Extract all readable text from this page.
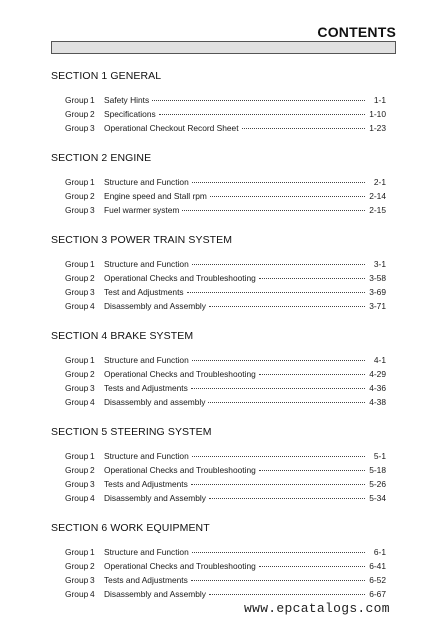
CONTENTS
SECTION 1 GENERAL
Group 1	Safety Hints	1-1
Group 2	Specifications	1-10
Group 3	Operational Checkout Record Sheet	1-23
SECTION 2 ENGINE
Group 1	Structure and Function	2-1
Group 2	Engine speed and Stall rpm	2-14
Group 3	Fuel warmer system	2-15
SECTION 3 POWER TRAIN SYSTEM
Group 1	Structure and Function	3-1
Group 2	Operational Checks and Troubleshooting	3-58
Group 3	Test and Adjustments	3-69
Group 4	Disassembly and Assembly	3-71
SECTION 4 BRAKE SYSTEM
Group 1	Structure and Function	4-1
Group 2	Operational Checks and Troubleshooting	4-29
Group 3	Tests and Adjustments	4-36
Group 4	Disassembly and assembly	4-38
SECTION 5 STEERING SYSTEM
Group 1	Structure and Function	5-1
Group 2	Operational Checks and Troubleshooting	5-18
Group 3	Tests and Adjustments	5-26
Group 4	Disassembly and Assembly	5-34
SECTION 6 WORK EQUIPMENT
Group 1	Structure and Function	6-1
Group 2	Operational Checks and Troubleshooting	6-41
Group 3	Tests and Adjustments	6-52
Group 4	Disassembly and Assembly	6-67
www.epcatalogs.com
